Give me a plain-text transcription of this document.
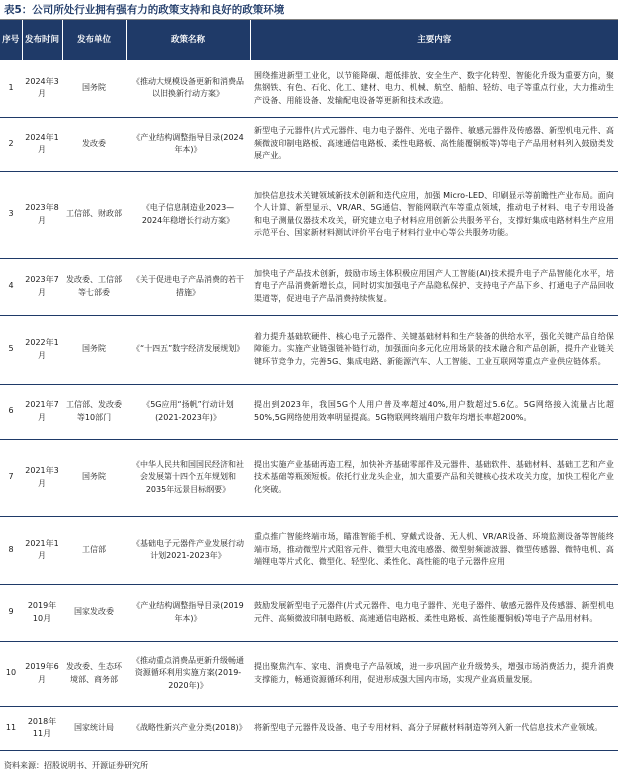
表5：公司所处行业拥有强有力的政策支持和良好的政策环境
序号	发布时间	发布单位	政策名称	主要内容
1	2024年3月	国务院	《推动大规模设备更新和消费品以旧换新行动方案》	围绕推进新型工业化，以节能降碳、超低排放、安全生产、数字化转型、智能化升级为重要方向，聚焦钢铁、有色、石化、化工、建材、电力、机械、航空、船舶、轻纺、电子等重点行业，大力推动生产设备、用能设备、发输配电设备等更新和技术改造。
2	2024年1月	发改委	《产业结构调整指导目录(2024年本)》	新型电子元器件(片式元器件、电力电子器件、光电子器件、敏感元器件及传感器、新型机电元件、高频微波印制电路板、高速通信电路板、柔性电路板、高性能覆铜板等)等电子产品用材料列入鼓励类发展产业。
3	2023年8月	工信部、财政部	《电子信息制造业2023—2024年稳增长行动方案》	加快信息技术关键领域新技术创新和迭代应用，加强 Micro-LED、印刷显示等前瞻性产业布局。面向个人计算、新型显示、VR/AR、5G通信、智能网联汽车等重点领域，推动电子材料、电子专用设备和电子测量仪器技术攻关，研究建立电子材料应用创新公共服务平台，支撑好集成电路材料生产应用示范平台、国家新材料测试评价平台电子材料行业中心等公共服务功能。
4	2023年7月	发改委、工信部等七部委	《关于促进电子产品消费的若干措施》	加快电子产品技术创新，鼓励市场主体积极应用国产人工智能(AI)技术提升电子产品智能化水平，培育电子产品消费新增长点，同时切实加强电子产品隐私保护、支持电子产品下乡、打通电子产品回收渠道等，促进电子产品消费持续恢复。
5	2022年1月	国务院	《“十四五”数字经济发展规划》	着力提升基础软硬件、核心电子元器件、关键基础材料和生产装备的供给水平，强化关键产品自给保障能力。实施产业链强链补链行动，加强面向多元化应用场景的技术融合和产品创新，提升产业链关键环节竞争力，完善5G、集成电路、新能源汽车、人工智能、工业互联网等重点产业供应链体系。
6	2021年7月	工信部、发改委等10部门	《5G应用“扬帆”行动计划(2021-2023年)》	提出到2023年，我国5G个人用户普及率超过40%,用户数超过5.6亿。5G网络接入流量占比超50%,5G网络使用效率明显提高。5G物联网终端用户数年均增长率超200%。
7	2021年3月	国务院	《中华人民共和国国民经济和社会发展第十四个五年规划和2035年远景目标纲要》	提出实施产业基础再造工程，加快补齐基础零部件及元器件、基础软件、基础材料、基础工艺和产业技术基础等瓶颈短板。依托行业龙头企业，加大重要产品和关键核心技术攻关力度，加快工程化产业化突破。
8	2021年1月	工信部	《基础电子元器件产业发展行动计划2021-2023年》	重点推广智能终端市场，瞄准智能手机、穿戴式设备、无人机、VR/AR设备、环境监测设备等智能终端市场，推动微型片式阻容元件、微型大电流电感器、微型射频滤波器、微型传感器、微特电机、高端锂电等片式化、微型化、轻型化、柔性化、高性能的电子元器件应用
9	2019年10月	国家发改委	《产业结构调整指导目录(2019年本)》	鼓励发展新型电子元器件(片式元器件、电力电子器件、光电子器件、敏感元器件及传感器、新型机电元件、高频微波印制电路板、高速通信电路板、柔性电路板、高性能覆铜板)等电子产品用材料。
10	2019年6月	发改委、生态环境部、商务部	《推动重点消费品更新升级畅通资源循环利用实施方案(2019-2020年)》	提出聚焦汽车、家电、消费电子产品领域，进一步巩固产业升级势头，增强市场消费活力，提升消费支撑能力，畅通资源循环利用，促进形成强大国内市场，实现产业高质量发展。
11	2018年11月	国家统计局	《战略性新兴产业分类(2018)》	将新型电子元器件及设备、电子专用材料、高分子屏蔽材料制造等列入新一代信息技术产业领域。
资料来源：招股说明书、开源证券研究所
